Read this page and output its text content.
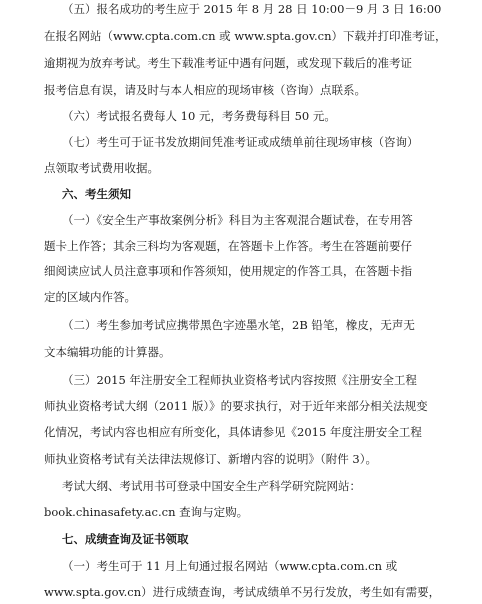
（五）报名成功的考生应于 2015 年 8 月 28 日 10:00－9 月 3 日 16:00
在报名网站（www.cpta.com.cn 或 www.spta.gov.cn）下载并打印准考证，
逾期视为放弃考试。考生下载准考证中遇有问题，或发现下载后的准考证
报考信息有误，请及时与本人相应的现场审核（咨询）点联系。
（六）考试报名费每人 10 元，考务费每科目 50 元。
（七）考生可于证书发放期间凭准考证或成绩单前往现场审核（咨询）
点领取考试费用收据。
六、考生须知
（一）《安全生产事故案例分析》科目为主客观混合题试卷，在专用答
题卡上作答；其余三科均为客观题，在答题卡上作答。考生在答题前要仔
细阅读应试人员注意事项和作答须知，使用规定的作答工具，在答题卡指
定的区域内作答。
（二）考生参加考试应携带黑色字迹墨水笔，2B 铅笔，橡皮，无声无
文本编辑功能的计算器。
（三）2015 年注册安全工程师执业资格考试内容按照《注册安全工程
师执业资格考试大纲（2011 版）》的要求执行，对于近年来部分相关法规变
化情况，考试内容也相应有所变化，具体请参见《2015 年度注册安全工程
师执业资格考试有关法律法规修订、新增内容的说明》（附件 3）。
考试大纲、考试用书可登录中国安全生产科学研究院网站：
book.chinasafety.ac.cn 查询与定购。
七、成绩查询及证书领取
（一）考生可于 11 月上旬通过报名网站（www.cpta.com.cn 或
www.spta.gov.cn）进行成绩查询，考试成绩单不另行发放，考生如有需要，
